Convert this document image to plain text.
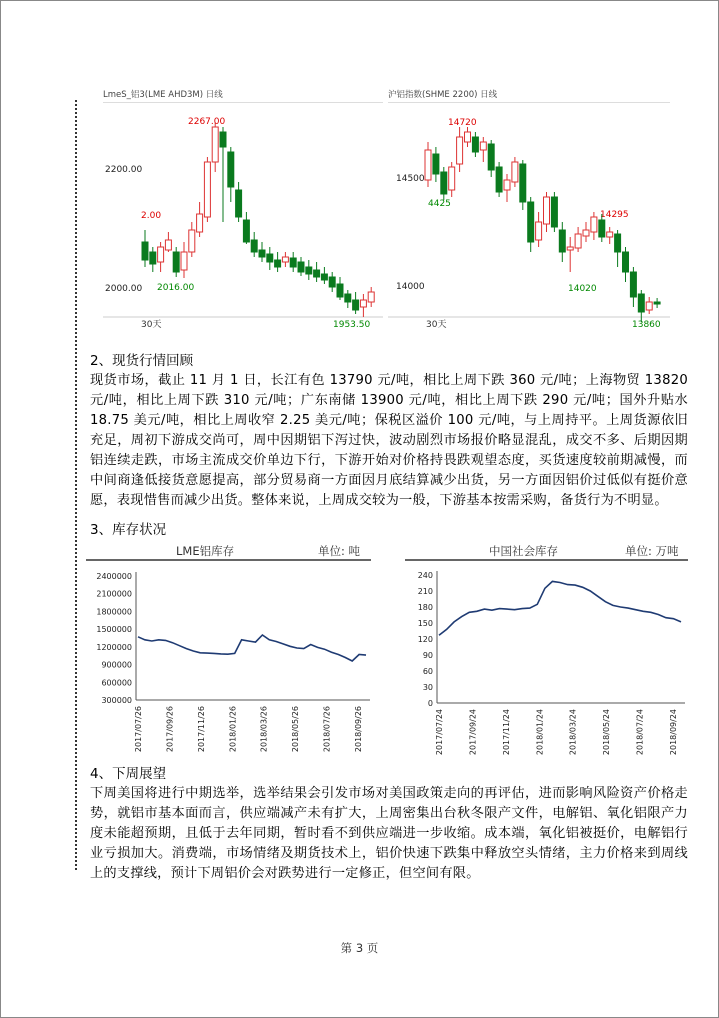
LmeS_铝3(LME AHD3M) 日线
2200.00
2000.00
2267.00
2.00
2016.00
1953.50
30天
沪铝指数(SHME 2200) 日线
14500
14000
14720
4425
14295
14020
13860
30天
2、现货行情回顾
现货市场，截止 11 月 1 日，长江有色 13790 元/吨，相比上周下跌 360 元/吨；上海物贸 13820 元/吨，相比上周下跌 310 元/吨；广东南储 13900 元/吨，相比上周下跌 290 元/吨；国外升贴水 18.75 美元/吨，相比上周收窄 2.25 美元/吨；保税区溢价 100 元/吨，与上周持平。上周货源依旧充足，周初下游成交尚可，周中因期铝下泻过快，波动剧烈市场报价略显混乱，成交不多、后期因期铝连续走跌，市场主流成交价单边下行，下游开始对价格持畏跌观望态度，买货速度较前期减慢，而中间商逢低接货意愿提高，部分贸易商一方面因月底结算减少出货，另一方面因铝价过低似有挺价意愿，表现惜售而减少出货。整体来说，上周成交较为一般，下游基本按需采购，备货行为不明显。
3、库存状况
LME铝库存	单位: 吨
2400000
2100000
1800000
1500000
1200000
900000
600000
300000
2017/07/26	2017/09/26	2017/11/26	2018/01/26	2018/03/26	2018/05/26	2018/07/26	2018/09/26
中国社会库存	单位: 万吨
240
210
180
150
120
90
60
30
0
2017/07/24	2017/09/24	2017/11/24	2018/01/24	2018/03/24	2018/05/24	2018/07/24	2018/09/24
4、下周展望
下周美国将进行中期选举，选举结果会引发市场对美国政策走向的再评估，进而影响风险资产价格走势，就铝市基本面而言，供应端减产未有扩大，上周密集出台秋冬限产文件，电解铝、氧化铝限产力度未能超预期，且低于去年同期，暂时看不到供应端进一步收缩。成本端，氧化铝被挺价，电解铝行业亏损加大。消费端，市场情绪及期货技术上，铝价快速下跌集中释放空头情绪，主力价格来到周线上的支撑线，预计下周铝价会对跌势进行一定修正，但空间有限。
第 3 页
